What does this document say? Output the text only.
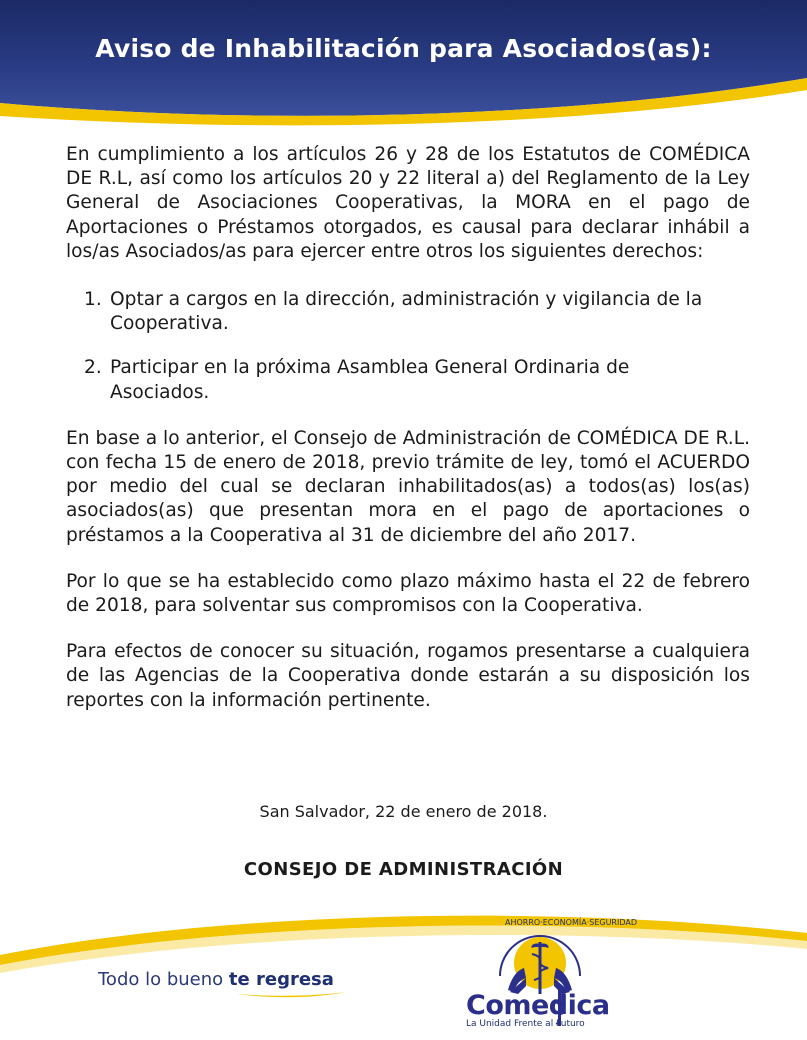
Aviso de Inhabilitación para Asociados(as):

En cumplimiento a los artículos 26 y 28 de los Estatutos de COMÉDICA DE R.L, así como los artículos 20 y 22 literal a) del Reglamento de la Ley General de Asociaciones Cooperativas, la MORA en el pago de Aportaciones o Préstamos otorgados, es causal para declarar inhábil a los/as Asociados/as para ejercer entre otros los siguientes derechos:

1. Optar a cargos en la dirección, administración y vigilancia de la Cooperativa.
2. Participar en la próxima Asamblea General Ordinaria de Asociados.

En base a lo anterior, el Consejo de Administración de COMÉDICA DE R.L. con fecha 15 de enero de 2018, previo trámite de ley, tomó el ACUERDO por medio del cual se declaran inhabilitados(as) a todos(as) los(as) asociados(as) que presentan mora en el pago de aportaciones o préstamos a la Cooperativa al 31 de diciembre del año 2017.

Por lo que se ha establecido como plazo máximo hasta el 22 de febrero de 2018, para solventar sus compromisos con la Cooperativa.

Para efectos de conocer su situación, rogamos presentarse a cualquiera de las Agencias de la Cooperativa donde estarán a su disposición los reportes con la información pertinente.

San Salvador, 22 de enero de 2018.
CONSEJO DE ADMINISTRACIÓN
Todo lo bueno te regresa
AHORRO·ECONOMÍA·SEGURIDAD
Comedica
La Unidad Frente al Futuro
